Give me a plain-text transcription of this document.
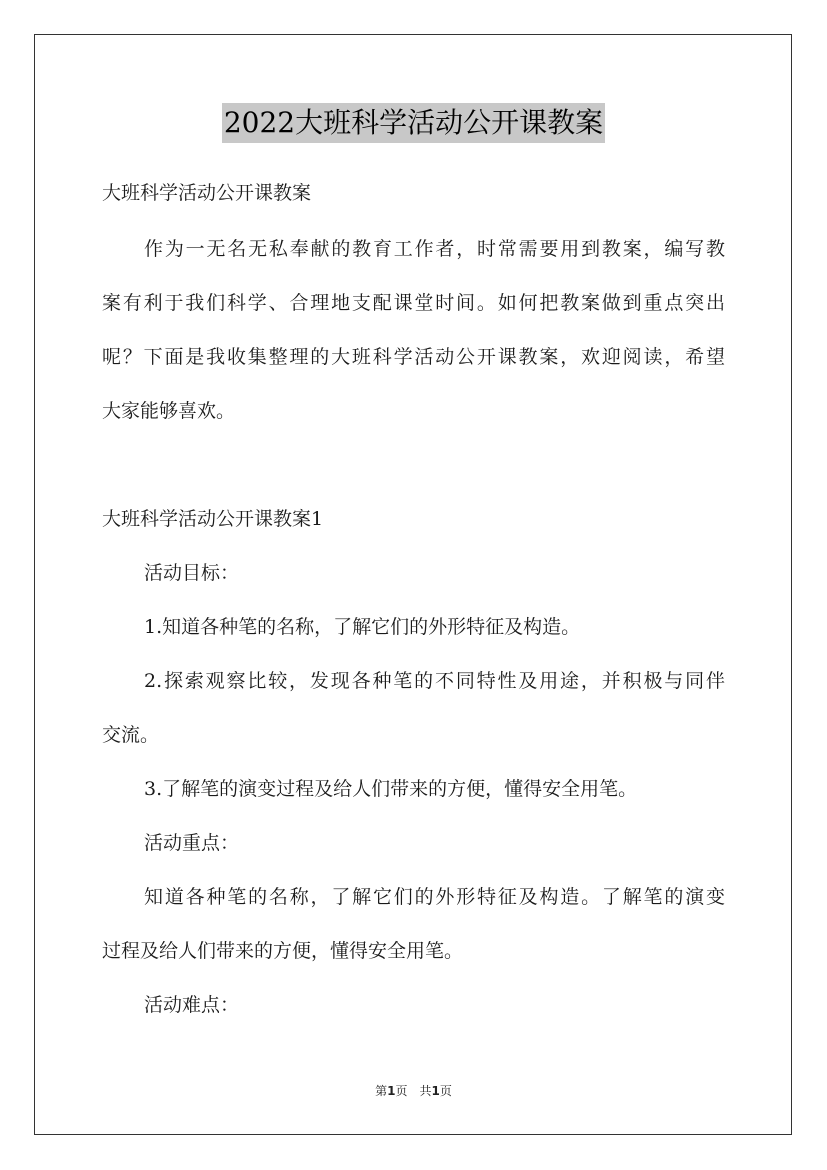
2022大班科学活动公开课教案
大班科学活动公开课教案
作为一无名无私奉献的教育工作者，时常需要用到教案，编写教
案有利于我们科学、合理地支配课堂时间。如何把教案做到重点突出
呢？下面是我收集整理的大班科学活动公开课教案，欢迎阅读，希望
大家能够喜欢。
大班科学活动公开课教案1
活动目标：
1.知道各种笔的名称，了解它们的外形特征及构造。
2.探索观察比较，发现各种笔的不同特性及用途，并积极与同伴
交流。
3.了解笔的演变过程及给人们带来的方便，懂得安全用笔。
活动重点：
知道各种笔的名称，了解它们的外形特征及构造。了解笔的演变
过程及给人们带来的方便，懂得安全用笔。
活动难点：
第1页　共1页
